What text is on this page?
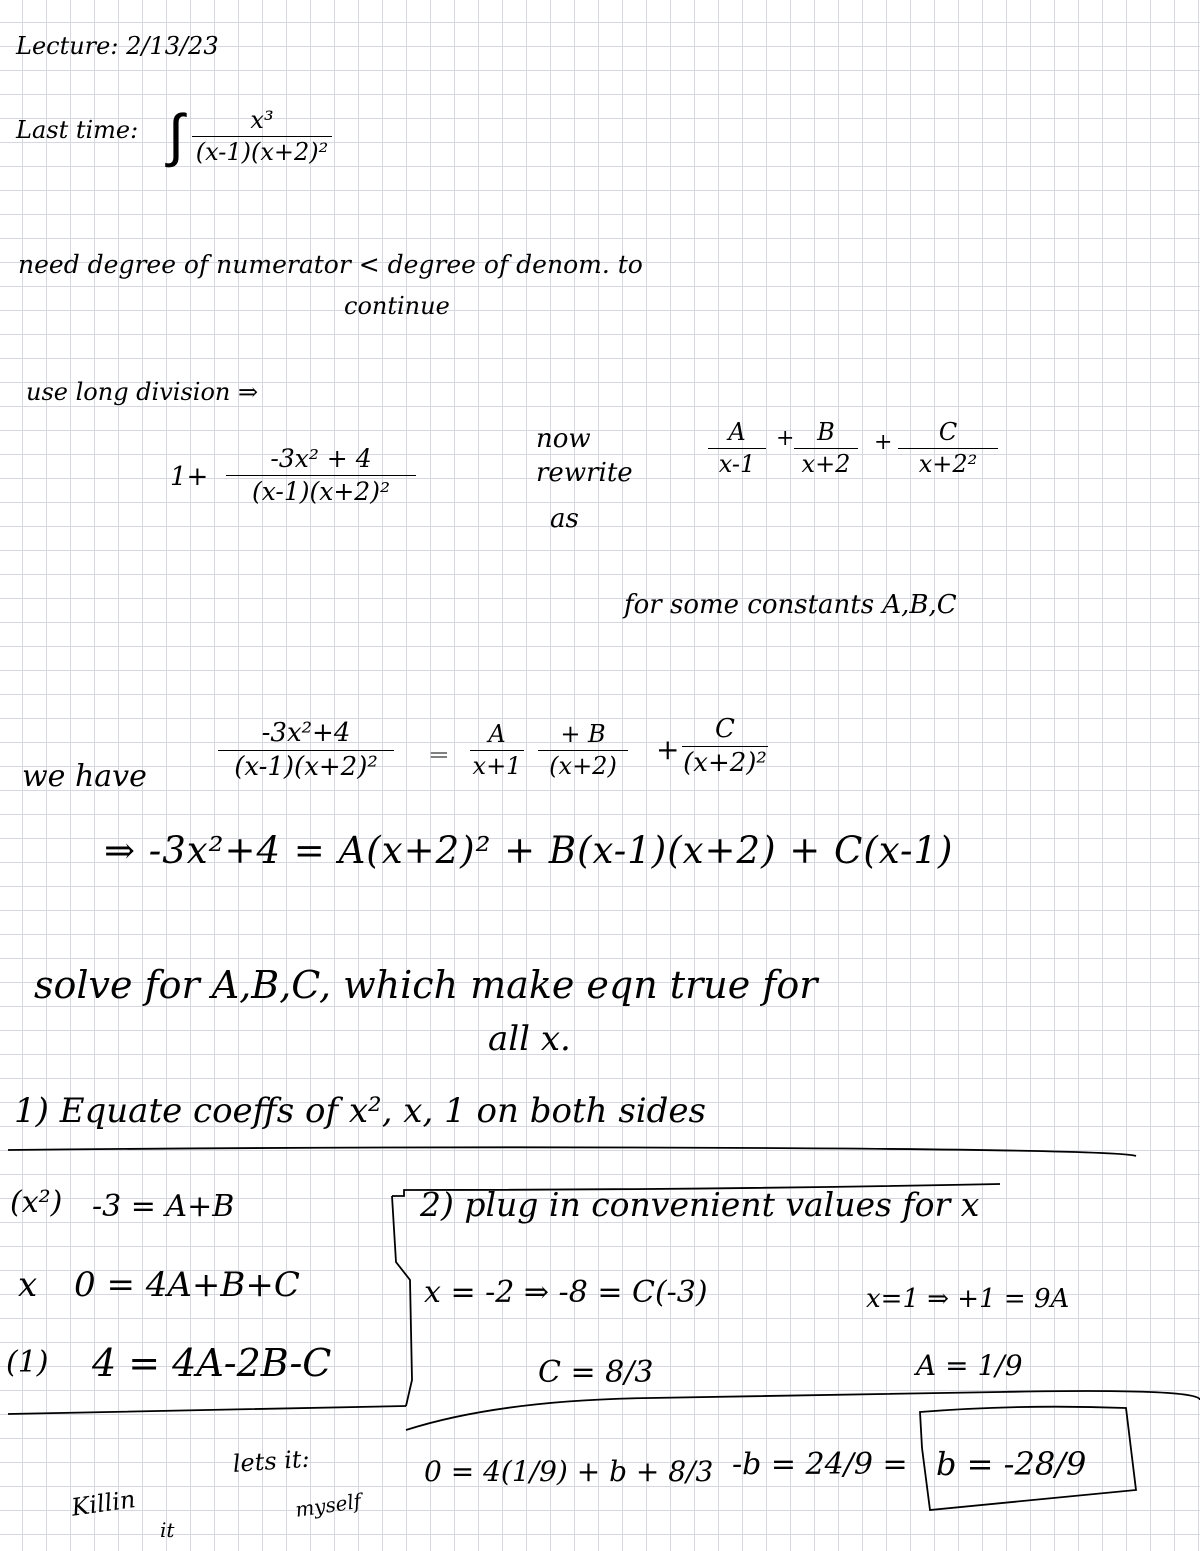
Lecture: 2/13/23
Last time: ∫	x³
(x-1)(x+2)²
need degree of numerator < degree of denom. to
continue
use long division ⇒
1+
-3x² + 4
(x-1)(x+2)²
now
rewrite
as
A
x-1
+ B
x+2
+	C
x+2²
for some constants A,B,C
we have
-3x²+4
(x-1)(x+2)²	=
A
x+1
+ B
(x+2)
+
C
(x+2)²
⇒ -3x²+4 = A(x+2)² + B(x-1)(x+2) + C(x-1)
solve for A,B,C, which make eqn true for
all x.
1) Equate coeffs of x², x, 1 on both sides
(x²) -3 = A+B
x 0 = 4A+B+C
(1) 4 = 4A-2B-C
2) plug in convenient values for x
x = -2 ⇒ -8 = C(-3)
C = 8/3
x=1 ⇒ +1 = 9A
A = 1/9
Killin
it
lets it:
myself
0 = 4(1/9) + b + 8/3 -b = 24/9 = b = -28/9
